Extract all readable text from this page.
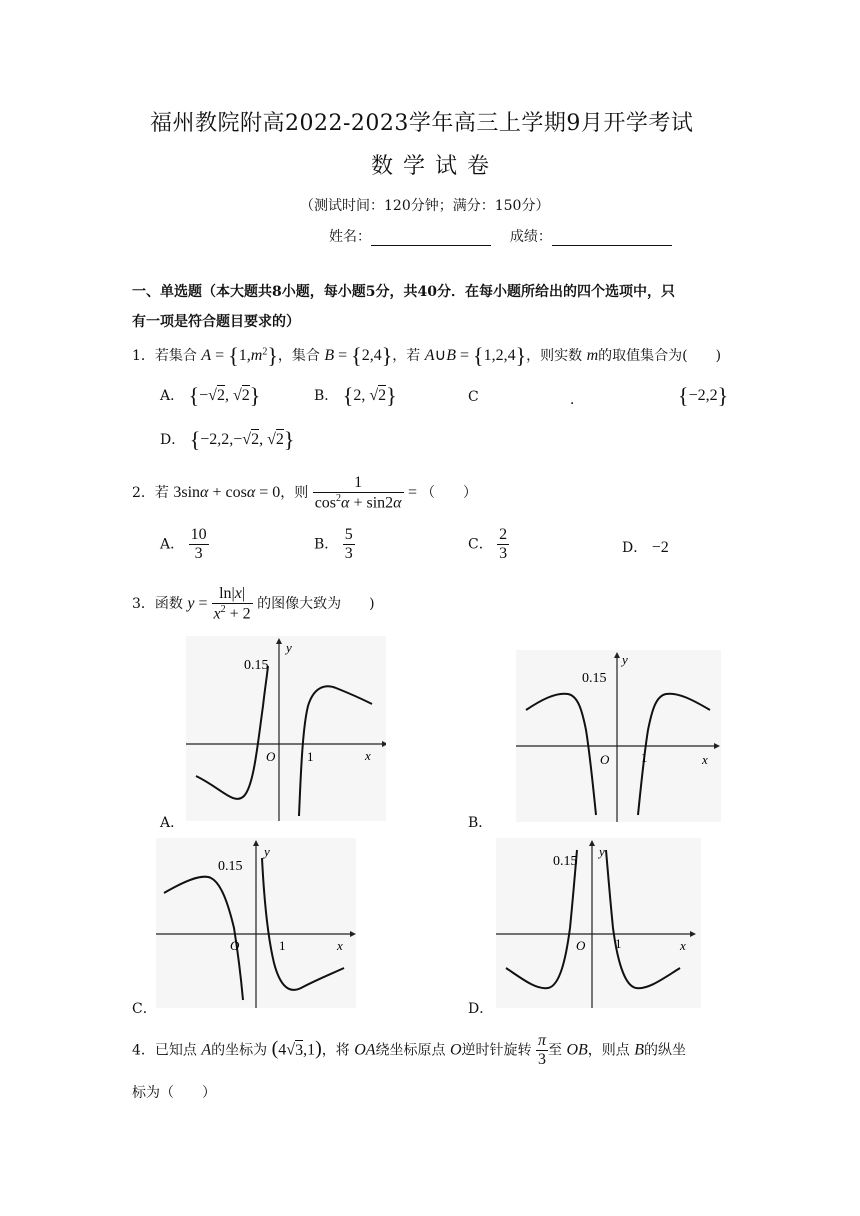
福州教院附高2022-2023学年高三上学期9月开学考试
数学试卷
（测试时间：120分钟；满分：150分）
姓名：	成绩：
一、单选题（本大题共8小题，每小题5分，共40分．在每小题所给出的四个选项中，只
有一项是符合题目要求的）
1．若集合 $A = \{1,m^2\}$，集合 B = {2,4}，若 A∪B = {1,2,4}，则实数 m的取值集合为(　　)
A． {−√2, √2}	B． {2, √2}	C	．	{−2,2}
D． {−2,2,−√2, √2}
2．若 3sinα + cosα = 0，则 $\frac{1}{\cos^2\alpha + \sin 2\alpha}$ = （　　）
A． $\frac{10}{3}$	B． $\frac{5}{3}$	C． $\frac{2}{3}$	D． −2
3．函数 $y = \frac{\ln|x|}{x^2 + 2}$ 的图像大致为　　)
0.15
y
x
O 1
A．
0.15
y
x
O 1
B．
0.15
y
x
O	1
C．
0.15
y
x
O 1
D．
4．已知点 A的坐标为 (4√3,1)，将 OA绕坐标原点 O逆时针旋转 $\frac{\pi}{3}$ 至 OB，则点 B的纵坐
标为（　　）
